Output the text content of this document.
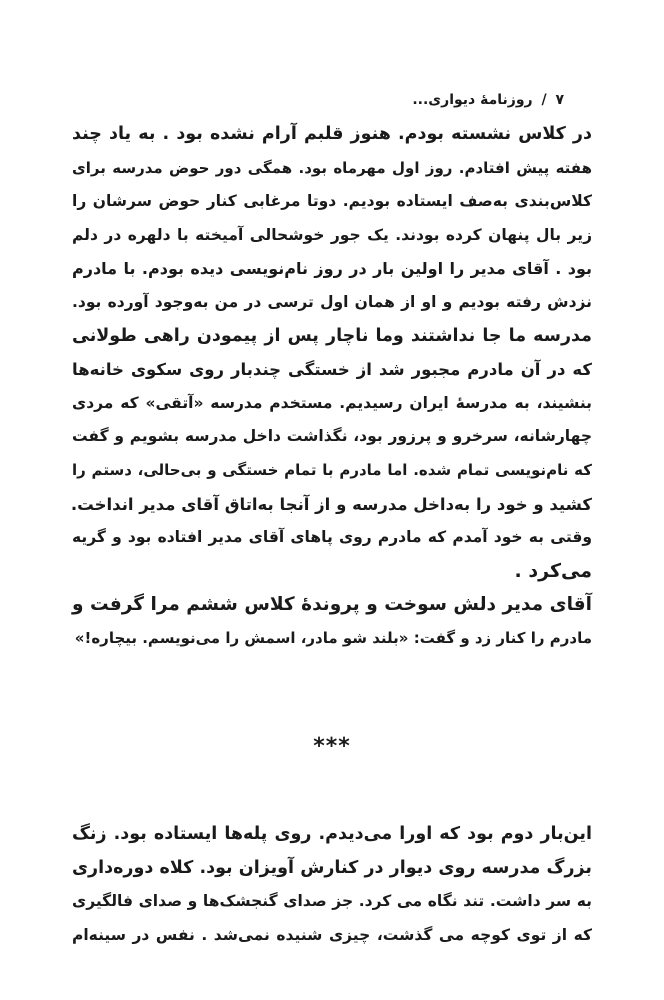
۷ / روزنامهٔ دیواری...
در کلاس نشسته بودم. هنوز قلبم آرام نشده بود . به یاد چند
هفته پیش افتادم. روز اول مهرماه بود. همگی دور حوض مدرسه برای
کلاس‌بندی به‌صف ایستاده بودیم. دوتا مرغابی کنار حوض سرشان را
زیر بال پنهان کرده بودند. یک جور خوشحالی آمیخته با دلهره در دلم
بود . آقای مدیر را اولین بار در روز نام‌نویسی دیده بودم. با مادرم
نزدش رفته بودیم و او از همان اول ترسی در من به‌وجود آورده بود.
مدرسه ما جا نداشتند وما ناچار پس از پیمودن راهی طولانی
که در آن مادرم مجبور شد از خستگی چندبار روی سکوی خانه‌ها
بنشیند، به مدرسهٔ ایران رسیدیم. مستخدم مدرسه «آتقی» که مردی
چهارشانه، سرخرو و پرزور بود، نگذاشت داخل مدرسه بشویم و گفت
که نام‌نویسی تمام شده. اما مادرم با تمام خستگی و بی‌حالی، دستم را
کشید و خود را به‌داخل مدرسه و از آنجا به‌اتاق آقای مدیر انداخت.
وقتی به خود آمدم که مادرم روی پاهای آقای مدیر افتاده بود و گریه
می‌کرد .
آقای مدیر دلش سوخت و پروندهٔ کلاس ششم مرا گرفت و
مادرم را کنار زد و گفت: «بلند شو مادر، اسمش را می‌نویسم. بیچاره!»
***
این‌بار دوم بود که اورا می‌دیدم. روی پله‌ها ایستاده بود. زنگ
بزرگ مدرسه روی دیوار در کنارش آویزان بود. کلاه دوره‌داری
به سر داشت. تند نگاه می کرد. جز صدای گنجشک‌ها و صدای فالگیری
که از توی کوچه می گذشت، چیزی شنیده نمی‌شد . نفس در سینه‌ام
